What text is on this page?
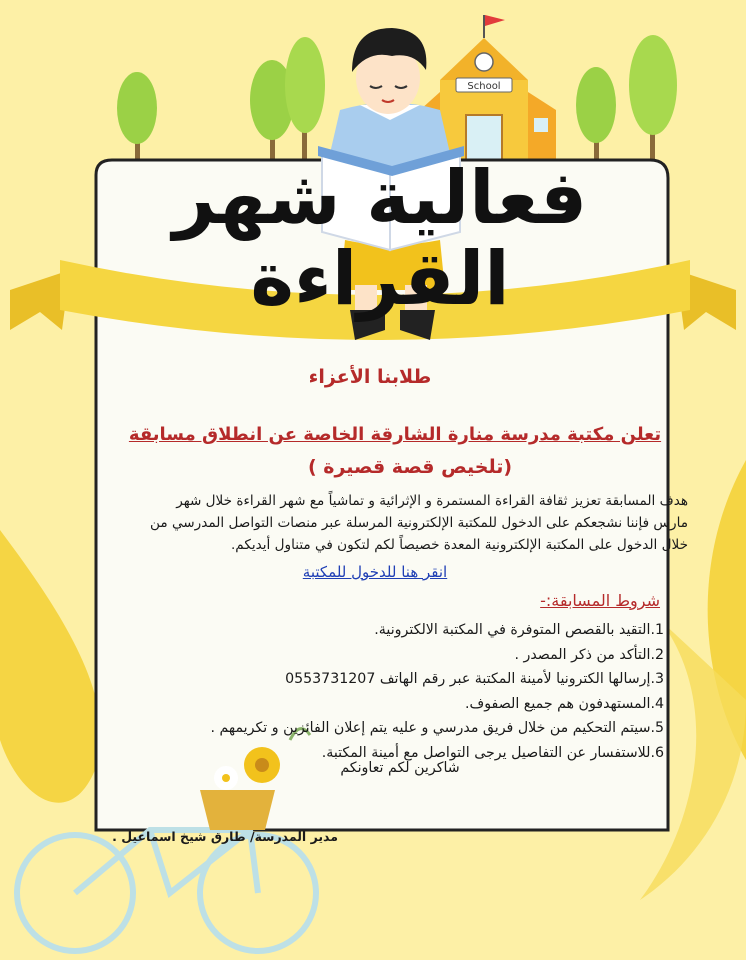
School
فعالية شهر القراءة
طلابنا الأعزاء
تعلن مكتبة مدرسة منارة الشارقة الخاصة عن انطلاق مسابقة
(تلخيص قصة قصيرة )
هدف المسابقة تعزيز ثقافة القراءة المستمرة و الإثرائية و تماشياً مع شهر القراءة خلال شهر
مارس فإننا نشجعكم على الدخول للمكتبة الإلكترونية المرسلة عبر منصات التواصل المدرسي من
خلال الدخول على المكتبة الإلكترونية المعدة خصيصاً لكم لتكون في متناول أيديكم.
انقر هنا للدخول للمكتبة
شروط المسابقة:-
1.التقيد بالقصص المتوفرة في المكتبة الالكترونية.
2.التأكد من ذكر المصدر .
3.إرسالها الكترونيا لأمينة المكتبة عبر رقم الهاتف 0553731207
4.المستهدفون هم جميع الصفوف.
5.سيتم التحكيم من خلال فريق مدرسي و عليه يتم إعلان الفائزين و تكريمهم .
6.للاستفسار عن التفاصيل يرجى التواصل مع أمينة المكتبة.
شاكرين لكم تعاونكم
مدير المدرسة/ طارق شيخ اسماعيل .
